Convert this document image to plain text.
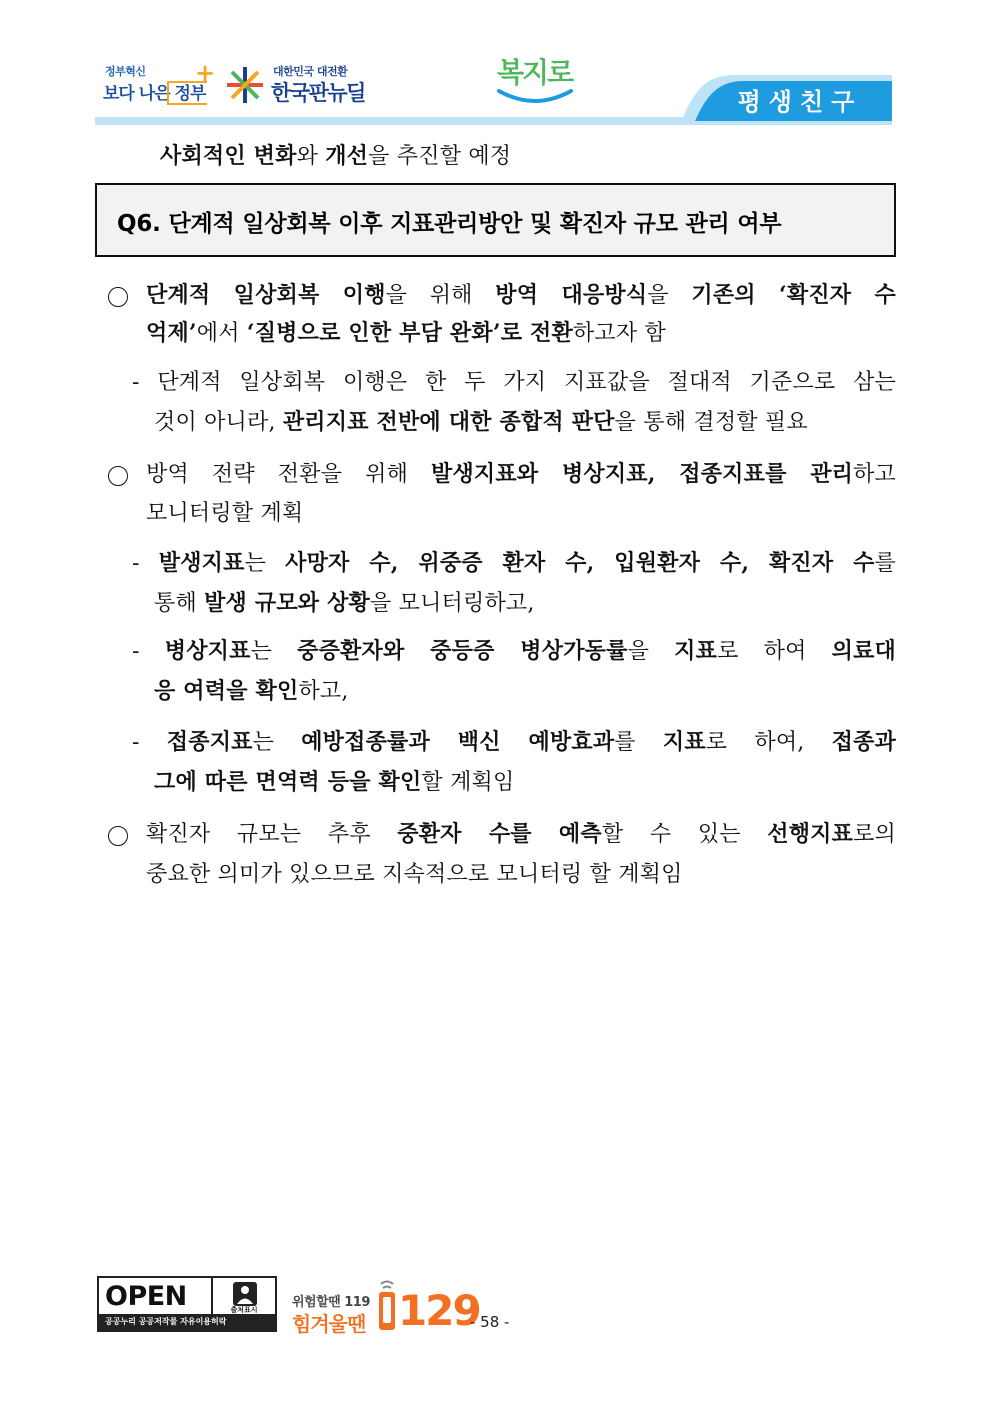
정부혁신
보다 나은 정부
+	대한민국 대전환
한국판뉴딜
복지로
평생친구
사회적인 변화와 개선을 추진할 예정
Q6. 단계적 일상회복 이후 지표관리방안 및 확진자 규모 관리 여부
단계적 일상회복 이행을 위해 방역 대응방식을 기존의 ‘확진자 수
억제’에서 ‘질병으로 인한 부담 완화’로 전환하고자 함
- 단계적 일상회복 이행은 한 두 가지 지표값을 절대적 기준으로 삼는
것이 아니라, 관리지표 전반에 대한 종합적 판단을 통해 결정할 필요
방역 전략 전환을 위해 발생지표와 병상지표, 접종지표를 관리하고
모니터링할 계획
- 발생지표는 사망자 수, 위중증 환자 수, 입원환자 수, 확진자 수를
통해 발생 규모와 상황을 모니터링하고,
- 병상지표는 중증환자와 중등증 병상가동률을 지표로 하여 의료대
응 여력을 확인하고,
- 접종지표는 예방접종률과 백신 예방효과를 지표로 하여, 접종과
그에 따른 면역력 등을 확인할 계획임
확진자 규모는 추후 중환자 수를 예측할 수 있는 선행지표로의
중요한 의미가 있으므로 지속적으로 모니터링 할 계획임
OPEN	출처표시
공공누리 공공저작물 자유이용허락
위험할땐 119
힘겨울땐 129
- 58 -
